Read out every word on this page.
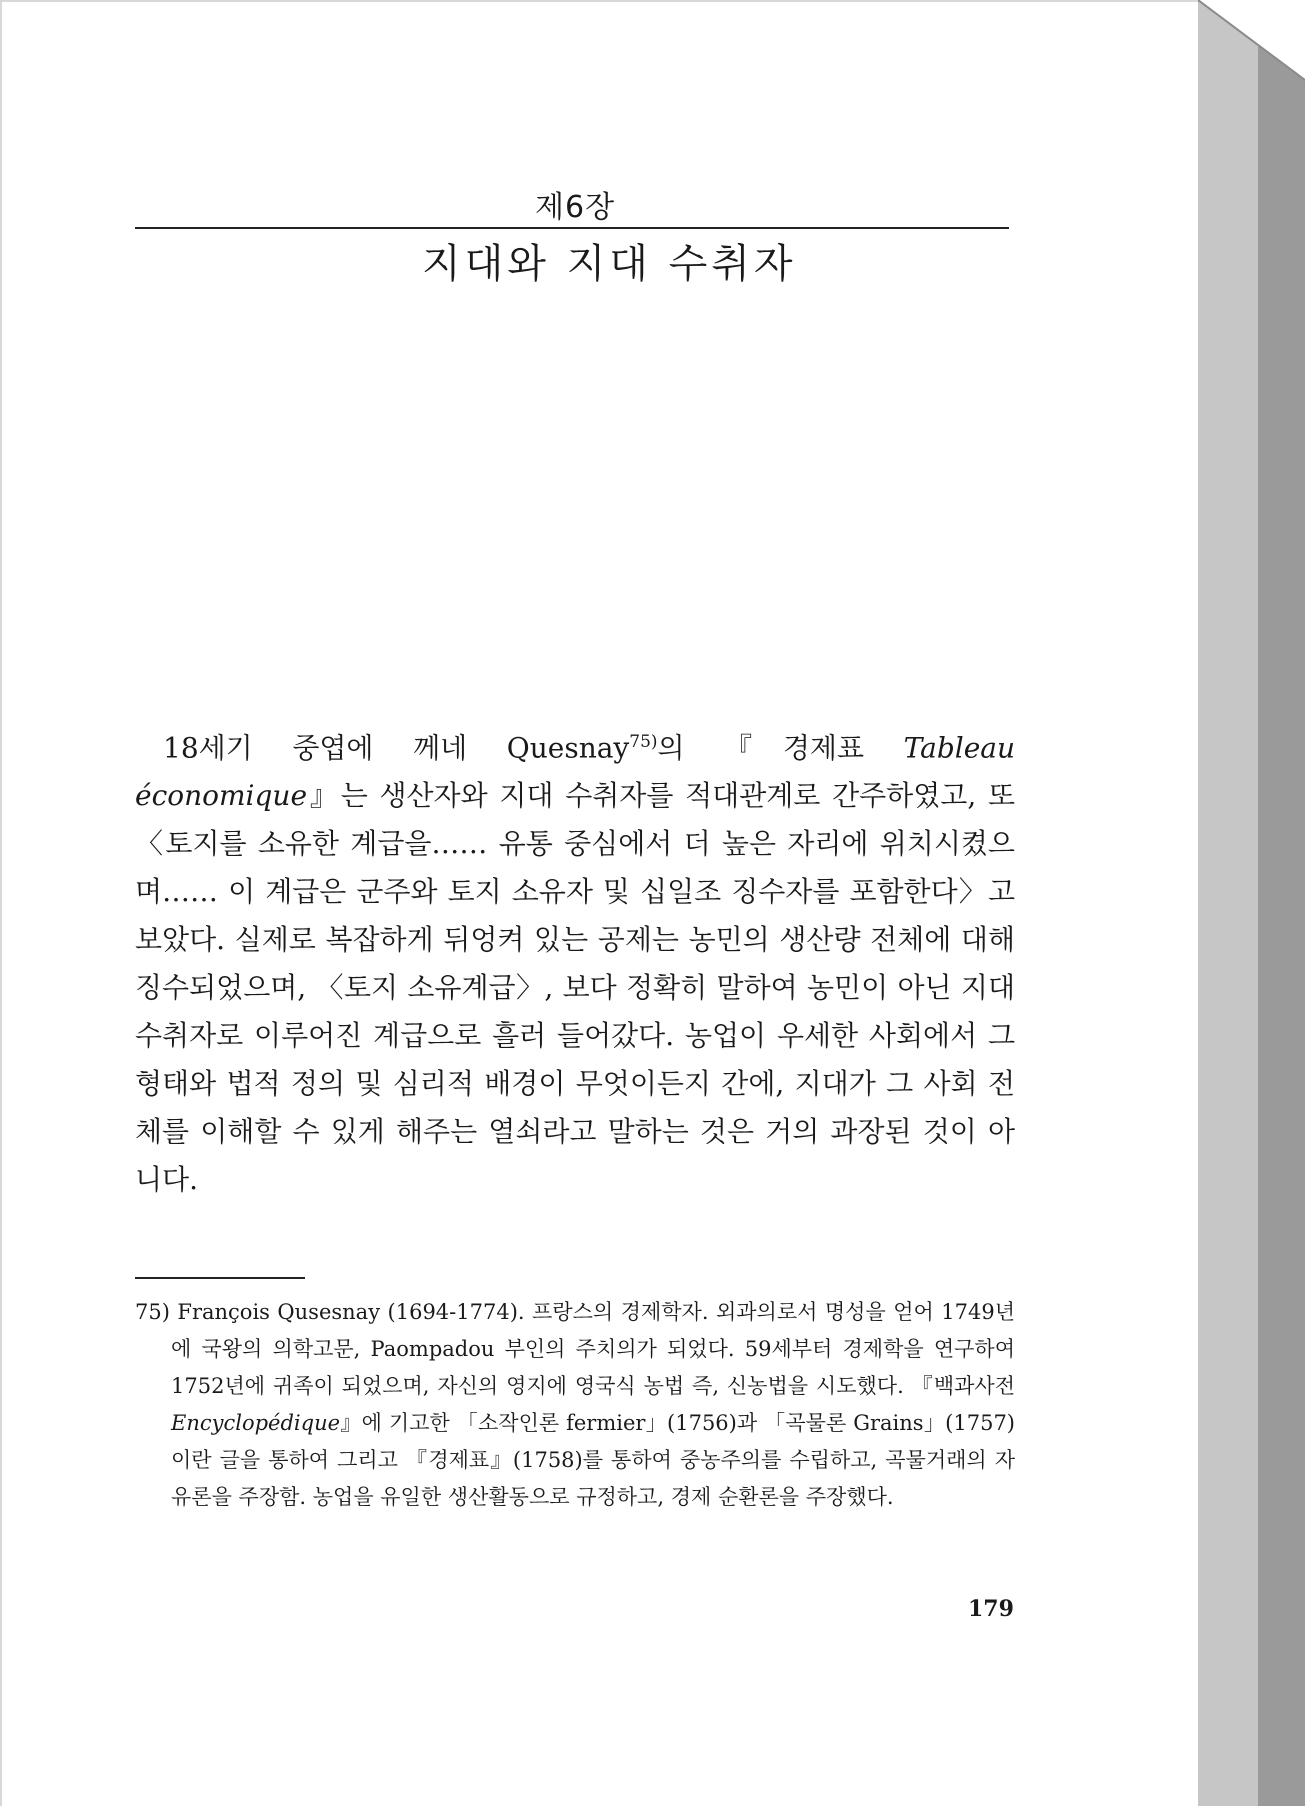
제6장
지대와 지대 수취자

18세기 중엽에 께네 Quesnay$^{75)}$의 『경제표 Tableau économique』는 생산자와 지대 수취자를 적대관계로 간주하였고, 또 〈토지를 소유한 계급을…… 유통 중심에서 더 높은 자리에 위치시켰으며…… 이 계급은 군주와 토지 소유자 및 십일조 징수자를 포함한다〉고 보았다. 실제로 복잡하게 뒤엉켜 있는 공제는 농민의 생산량 전체에 대해 징수되었으며, 〈토지 소유계급〉, 보다 정확히 말하여 농민이 아닌 지대 수취자로 이루어진 계급으로 흘러 들어갔다. 농업이 우세한 사회에서 그 형태와 법적 정의 및 심리적 배경이 무엇이든지 간에, 지대가 그 사회 전체를 이해할 수 있게 해주는 열쇠라고 말하는 것은 거의 과장된 것이 아니다.

75) François Qusesnay (1694-1774). 프랑스의 경제학자. 외과의로서 명성을 얻어 1749년에 국왕의 의학고문, Paompadou 부인의 주치의가 되었다. 59세부터 경제학을 연구하여 1752년에 귀족이 되었으며, 자신의 영지에 영국식 농법 즉, 신농법을 시도했다. 『백과사전 Encyclopédique』에 기고한 「소작인론 fermier」(1756)과 「곡물론 Grains」(1757)이란 글을 통하여 그리고 『경제표』(1758)를 통하여 중농주의를 수립하고, 곡물거래의 자유론을 주장함. 농업을 유일한 생산활동으로 규정하고, 경제 순환론을 주장했다.

179
